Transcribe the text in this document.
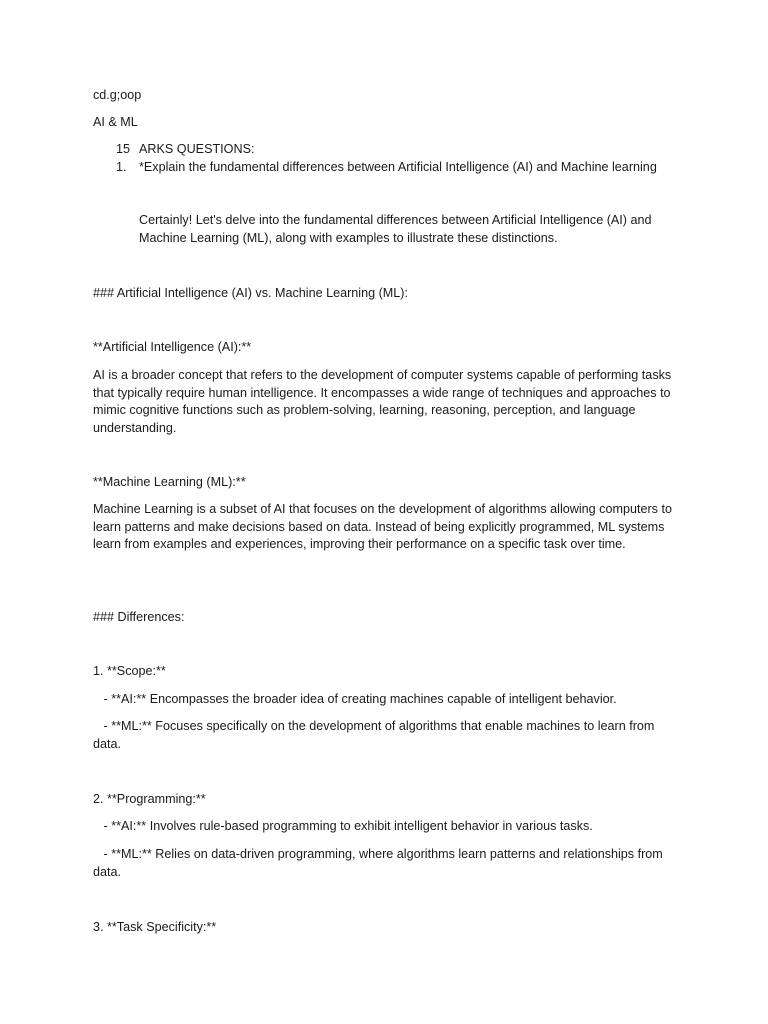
cd.g;oop
AI & ML
15 ARKS QUESTIONS:
1. *Explain the fundamental differences between Artificial Intelligence (AI) and Machine learning
Certainly! Let's delve into the fundamental differences between Artificial Intelligence (AI) and Machine Learning (ML), along with examples to illustrate these distinctions.
### Artificial Intelligence (AI) vs. Machine Learning (ML):
**Artificial Intelligence (AI):**
AI is a broader concept that refers to the development of computer systems capable of performing tasks that typically require human intelligence. It encompasses a wide range of techniques and approaches to mimic cognitive functions such as problem-solving, learning, reasoning, perception, and language understanding.
**Machine Learning (ML):**
Machine Learning is a subset of AI that focuses on the development of algorithms allowing computers to learn patterns and make decisions based on data. Instead of being explicitly programmed, ML systems learn from examples and experiences, improving their performance on a specific task over time.
### Differences:
1. **Scope:**
- **AI:** Encompasses the broader idea of creating machines capable of intelligent behavior.
- **ML:** Focuses specifically on the development of algorithms that enable machines to learn from data.
2. **Programming:**
- **AI:** Involves rule-based programming to exhibit intelligent behavior in various tasks.
- **ML:** Relies on data-driven programming, where algorithms learn patterns and relationships from data.
3. **Task Specificity:**
